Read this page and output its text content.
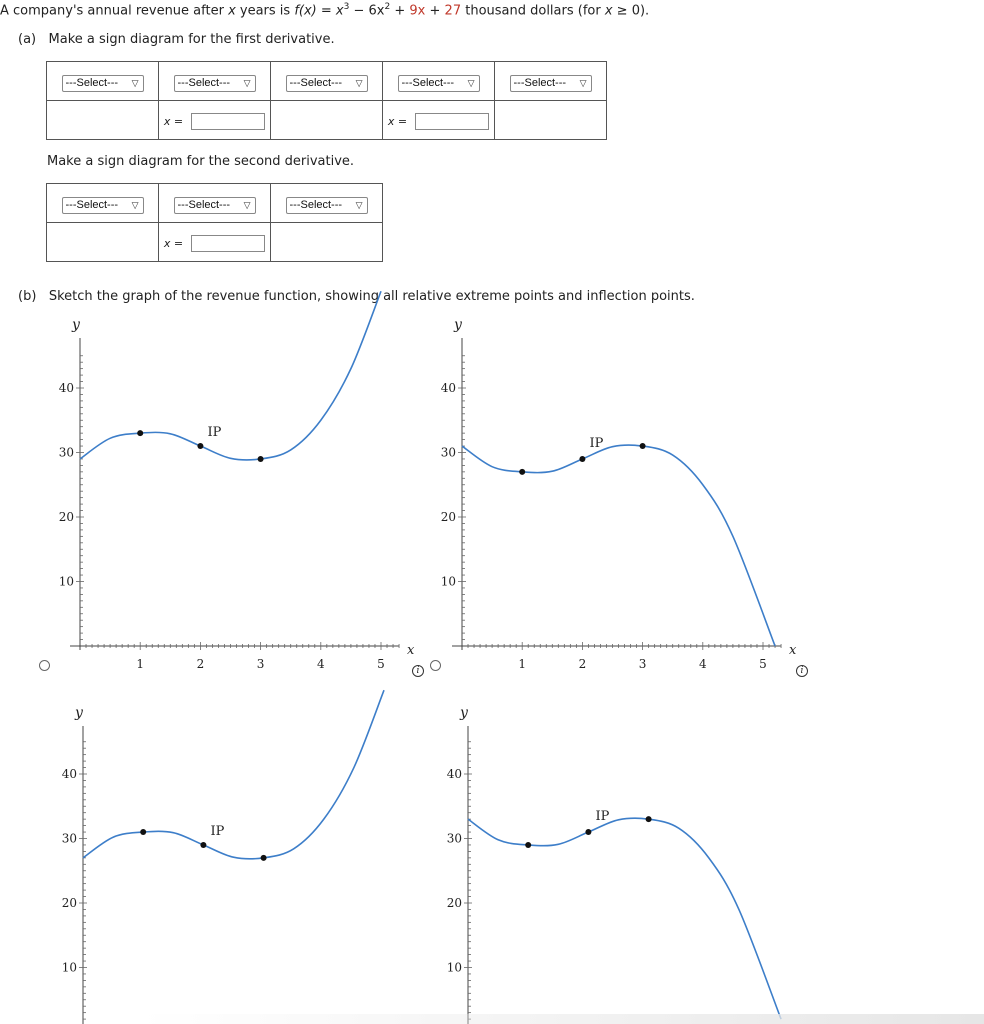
A company's annual revenue after x years is $f(x) = x^3 - 6x^2 + 9x + 27$ thousand dollars (for x ≥ 0).
(a) Make a sign diagram for the first derivative.
---Select--- ▽	---Select--- ▽	---Select--- ▽	---Select--- ▽	---Select--- ▽

	x =		x =	

Make a sign diagram for the second derivative.
---Select--- ▽	---Select--- ▽	---Select--- ▽

	x =	

(b) Sketch the graph of the revenue function, showing all relative extreme points and inflection points.
y
10
20
30
40
1	2	3	4	5
x
IP
y
10
20
30
40
1	2	3	4	5
x
IP
y
10
20
30
40
IP
y
10
20
30
40
IP
i	i
